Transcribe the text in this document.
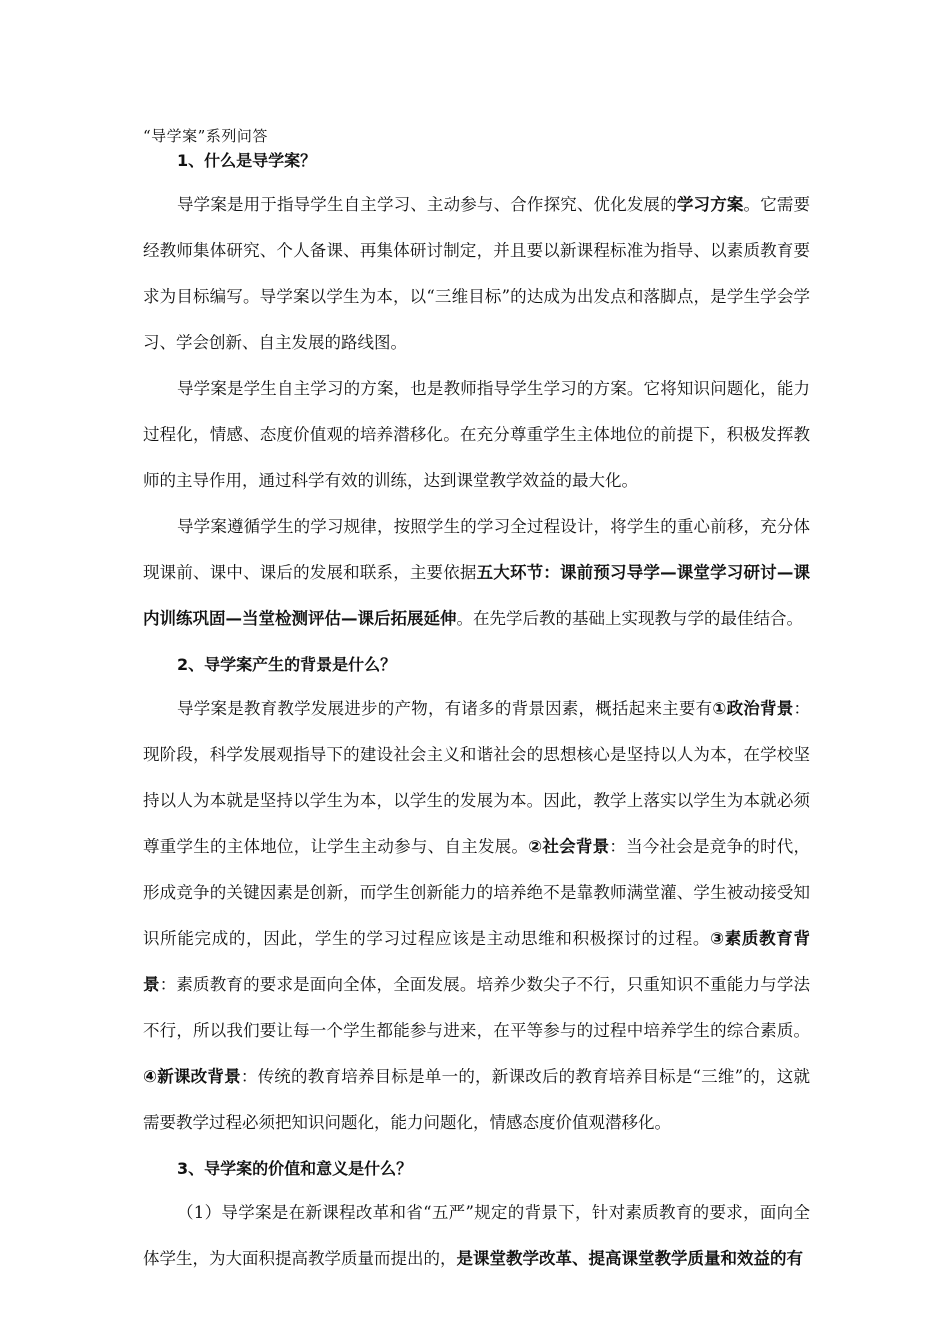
“导学案”系列问答
1、什么是导学案？

导学案是用于指导学生自主学习、主动参与、合作探究、优化发展的学习方案。它需要经教师集体研究、个人备课、再集体研讨制定，并且要以新课程标准为指导、以素质教育要求为目标编写。导学案以学生为本，以“三维目标”的达成为出发点和落脚点，是学生学会学习、学会创新、自主发展的路线图。

导学案是学生自主学习的方案，也是教师指导学生学习的方案。它将知识问题化，能力过程化，情感、态度价值观的培养潜移化。在充分尊重学生主体地位的前提下，积极发挥教师的主导作用，通过科学有效的训练，达到课堂教学效益的最大化。

导学案遵循学生的学习规律，按照学生的学习全过程设计，将学生的重心前移，充分体现课前、课中、课后的发展和联系，主要依据五大环节：课前预习导学—课堂学习研讨—课内训练巩固—当堂检测评估—课后拓展延伸。在先学后教的基础上实现教与学的最佳结合。

2、导学案产生的背景是什么？

导学案是教育教学发展进步的产物，有诸多的背景因素，概括起来主要有①政治背景：现阶段，科学发展观指导下的建设社会主义和谐社会的思想核心是坚持以人为本，在学校坚持以人为本就是坚持以学生为本，以学生的发展为本。因此，教学上落实以学生为本就必须尊重学生的主体地位，让学生主动参与、自主发展。②社会背景：当今社会是竞争的时代，形成竞争的关键因素是创新，而学生创新能力的培养绝不是靠教师满堂灌、学生被动接受知识所能完成的，因此，学生的学习过程应该是主动思维和积极探讨的过程。③素质教育背景：素质教育的要求是面向全体，全面发展。培养少数尖子不行，只重知识不重能力与学法不行，所以我们要让每一个学生都能参与进来，在平等参与的过程中培养学生的综合素质。④新课改背景：传统的教育培养目标是单一的，新课改后的教育培养目标是“三维”的，这就需要教学过程必须把知识问题化，能力问题化，情感态度价值观潜移化。

3、导学案的价值和意义是什么？

（1）导学案是在新课程改革和省“五严”规定的背景下，针对素质教育的要求，面向全体学生，为大面积提高教学质量而提出的，是课堂教学改革、提高课堂教学质量和效益的有
